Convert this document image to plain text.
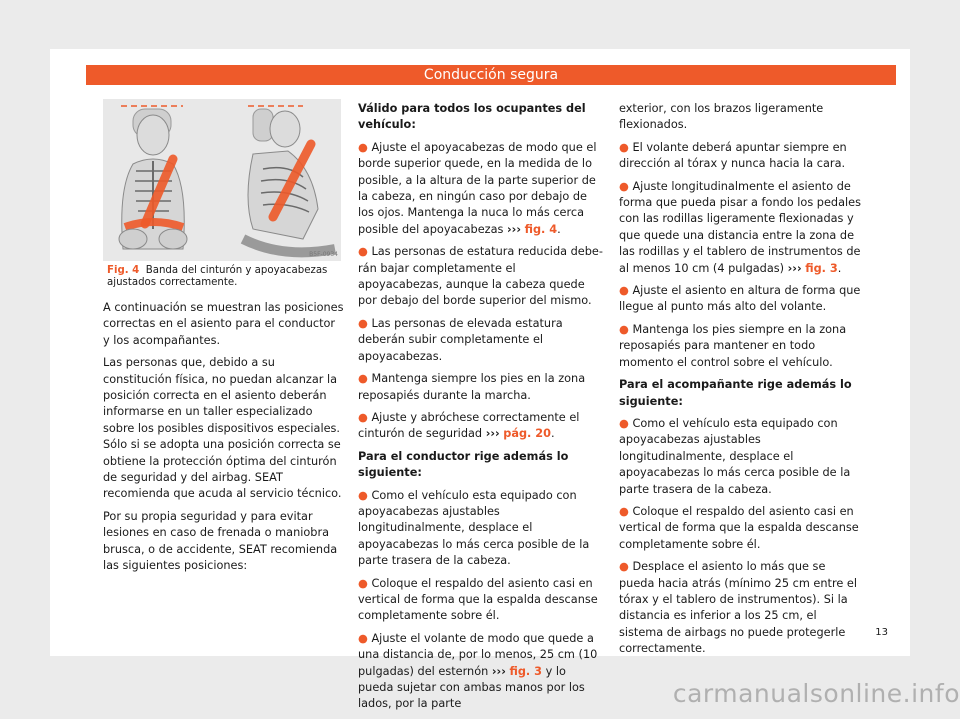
Conducción segura
B5F-0934
Fig. 4 Banda del cinturón y apoyacabezas ajustados correctamente.

A continuación se muestran las posiciones correctas en el asiento para el conductor y los acompañantes.

Las personas que, debido a su constitución física, no puedan alcanzar la posición correcta en el asiento deberán informarse en un taller especializado sobre los posibles dispositivos especiales. Sólo si se adopta una posición correcta se obtiene la protección óptima del cinturón de seguridad y del airbag. SEAT recomienda que acuda al servicio técnico.

Por su propia seguridad y para evitar lesiones en caso de frenada o maniobra brusca, o de accidente, SEAT recomienda las siguientes posiciones:

Válido para todos los ocupantes del vehículo:

● Ajuste el apoyacabezas de modo que el borde superior quede, en la medida de lo posible, a la altura de la parte superior de la cabeza, en ningún caso por debajo de los ojos. Mantenga la nuca lo más cerca posible del apoyacabezas ››› fig. 4.

● Las personas de estatura reducida deberán bajar completamente el apoyacabezas, aunque la cabeza quede por debajo del borde superior del mismo.

● Las personas de elevada estatura deberán subir completamente el apoyacabezas.

● Mantenga siempre los pies en la zona reposapiés durante la marcha.

● Ajuste y abróchese correctamente el cinturón de seguridad ››› pág. 20.

Para el conductor rige además lo siguiente:

● Como el vehículo esta equipado con apoyacabezas ajustables longitudinalmente, desplace el apoyacabezas lo más cerca posible de la parte trasera de la cabeza.

● Coloque el respaldo del asiento casi en vertical de forma que la espalda descanse completamente sobre él.

● Ajuste el volante de modo que quede a una distancia de, por lo menos, 25 cm (10 pulgadas) del esternón ››› fig. 3 y lo pueda sujetar con ambas manos por los lados, por la parte

exterior, con los brazos ligeramente flexionados.

● El volante deberá apuntar siempre en dirección al tórax y nunca hacia la cara.

● Ajuste longitudinalmente el asiento de forma que pueda pisar a fondo los pedales con las rodillas ligeramente flexionadas y que quede una distancia entre la zona de las rodillas y el tablero de instrumentos de al menos 10 cm (4 pulgadas) ››› fig. 3.

● Ajuste el asiento en altura de forma que llegue al punto más alto del volante.

● Mantenga los pies siempre en la zona reposapiés para mantener en todo momento el control sobre el vehículo.

Para el acompañante rige además lo siguiente:

● Como el vehículo esta equipado con apoyacabezas ajustables longitudinalmente, desplace el apoyacabezas lo más cerca posible de la parte trasera de la cabeza.

● Coloque el respaldo del asiento casi en vertical de forma que la espalda descanse completamente sobre él.

● Desplace el asiento lo más que se pueda hacia atrás (mínimo 25 cm entre el tórax y el tablero de instrumentos). Si la distancia es inferior a los 25 cm, el sistema de airbags no puede protegerle correctamente.

13
carmanualsonline.info
